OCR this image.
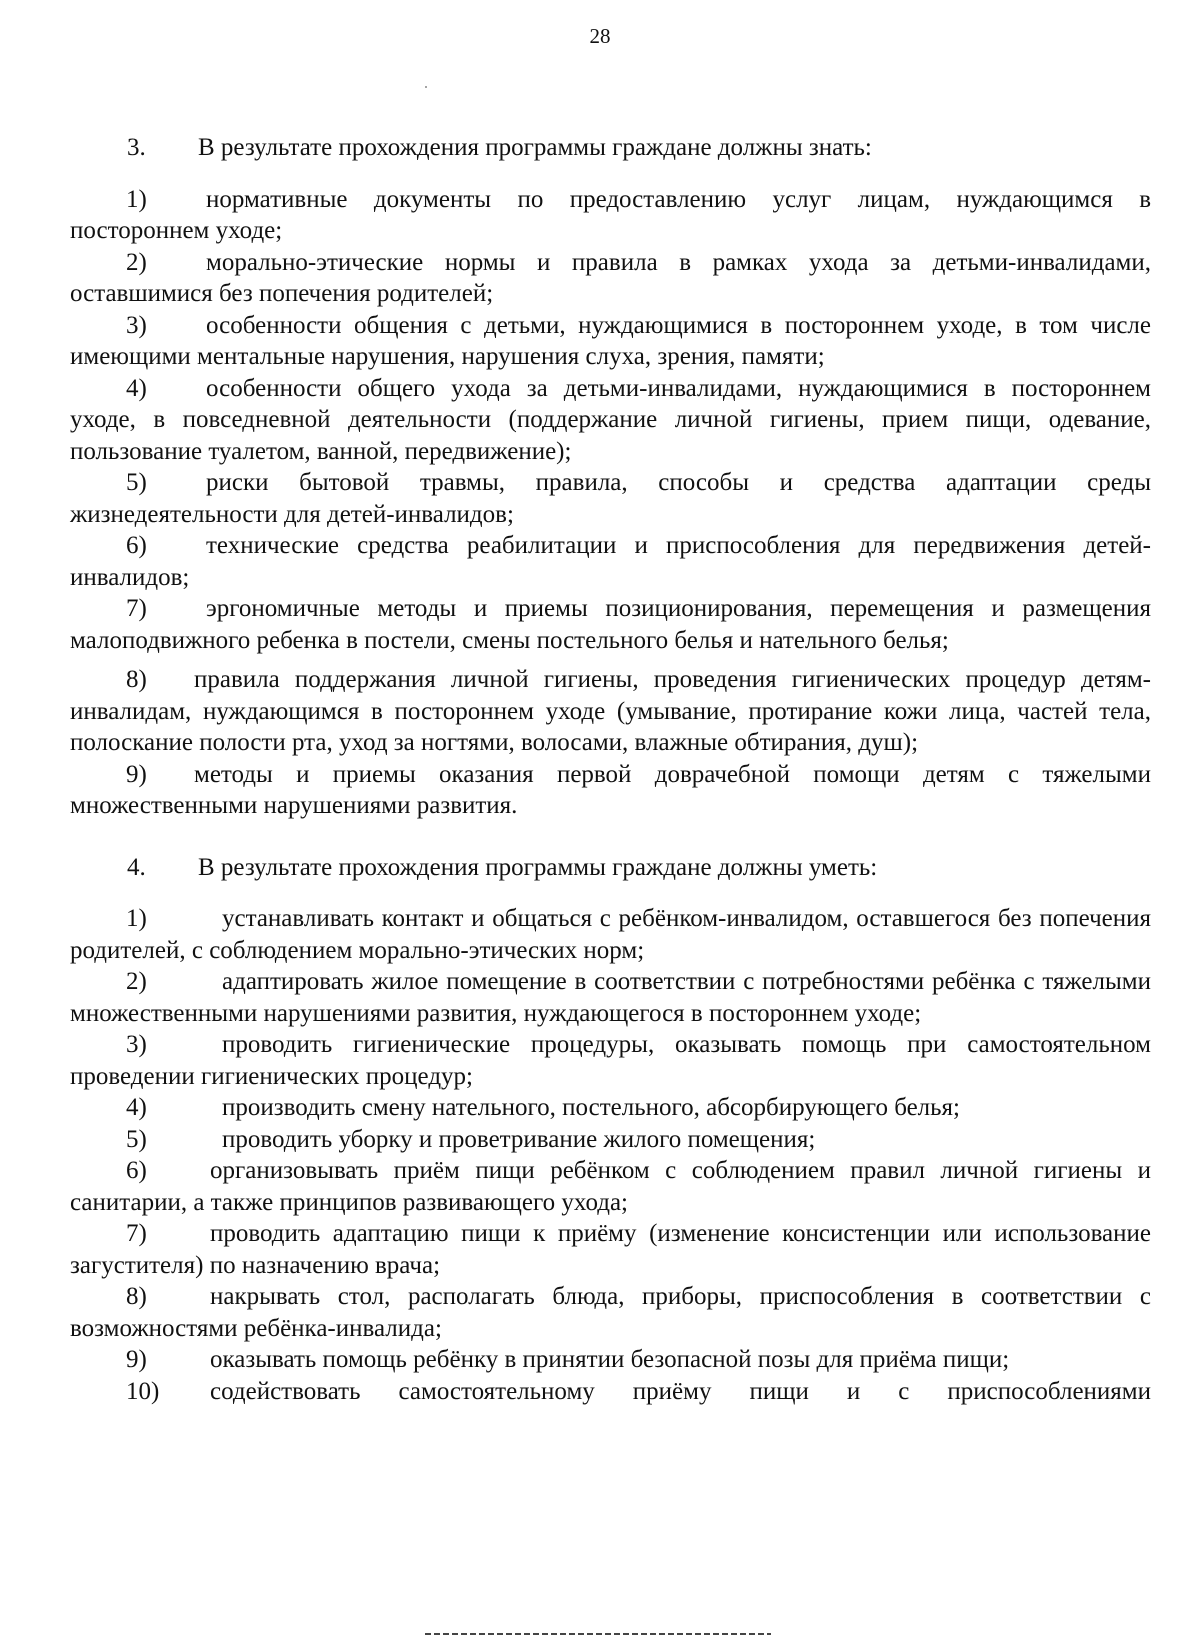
28
3.	В результате прохождения программы граждане должны знать:
1) нормативные документы по предоставлению услуг лицам, нуждающимся в постороннем уходе;
2) морально-этические нормы и правила в рамках ухода за детьми-инвалидами, оставшимися без попечения родителей;
3) особенности общения с детьми, нуждающимися в постороннем уходе, в том числе имеющими ментальные нарушения, нарушения слуха, зрения, памяти;
4) особенности общего ухода за детьми-инвалидами, нуждающимися в постороннем уходе, в повседневной деятельности (поддержание личной гигиены, прием пищи, одевание, пользование туалетом, ванной, передвижение);
5) риски бытовой травмы, правила, способы и средства адаптации среды жизнедеятельности для детей-инвалидов;
6) технические средства реабилитации и приспособления для передвижения детей-инвалидов;
7) эргономичные методы и приемы позиционирования, перемещения и размещения малоподвижного ребенка в постели, смены постельного белья и нательного белья;
8) правила поддержания личной гигиены, проведения гигиенических процедур детям-инвалидам, нуждающимся в постороннем уходе (умывание, протирание кожи лица, частей тела, полоскание полости рта, уход за ногтями, волосами, влажные обтирания, душ);
9) методы и приемы оказания первой доврачебной помощи детям с тяжелыми множественными нарушениями развития.
4.	В результате прохождения программы граждане должны уметь:
1)	устанавливать контакт и общаться с ребёнком-инвалидом, оставшегося без попечения родителей, с соблюдением морально-этических норм;
2)	адаптировать жилое помещение в соответствии с потребностями ребёнка с тяжелыми множественными нарушениями развития, нуждающегося в постороннем уходе;
3)	проводить гигиенические процедуры, оказывать помощь при самостоятельном проведении гигиенических процедур;
4)	производить смену нательного, постельного, абсорбирующего белья;
5)	проводить уборку и проветривание жилого помещения;
6)	организовывать приём пищи ребёнком с соблюдением правил личной гигиены и санитарии, а также принципов развивающего ухода;
7)	проводить адаптацию пищи к приёму (изменение консистенции или использование загустителя) по назначению врача;
8)	накрывать стол, располагать блюда, приборы, приспособления в соответствии с возможностями ребёнка-инвалида;
9)	оказывать помощь ребёнку в принятии безопасной позы для приёма пищи;
10) содействовать самостоятельному приёму пищи и с приспособлениями
